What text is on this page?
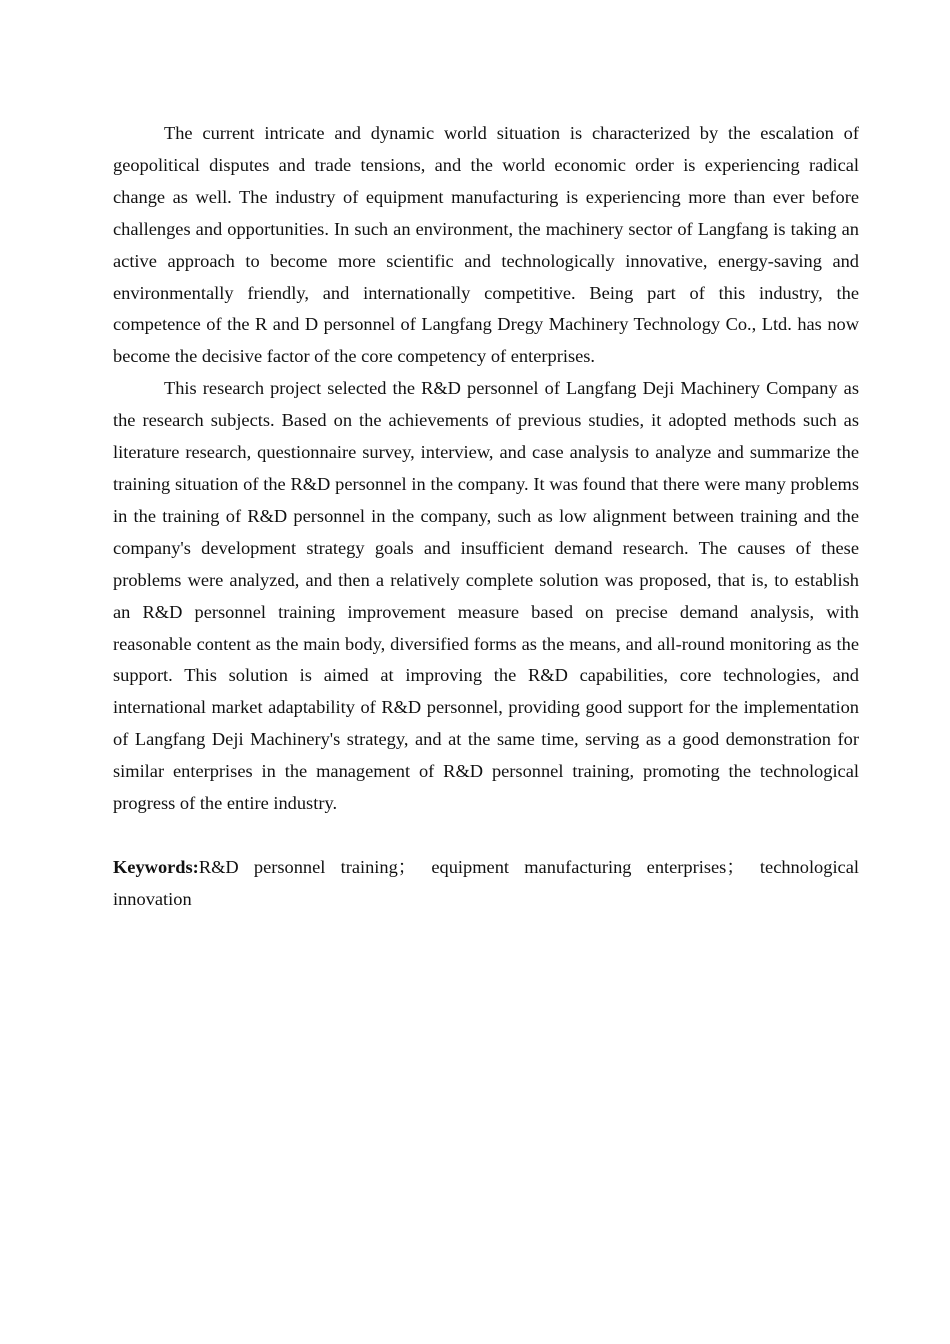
The current intricate and dynamic world situation is characterized by the escalation of geopolitical disputes and trade tensions, and the world economic order is experiencing radical change as well. The industry of equipment manufacturing is experiencing more than ever before challenges and opportunities. In such an environment, the machinery sector of Langfang is taking an active approach to become more scientific and technologically innovative, energy-saving and environmentally friendly, and internationally competitive. Being part of this industry, the competence of the R and D personnel of Langfang Dregy Machinery Technology Co., Ltd. has now become the decisive factor of the core competency of enterprises.

This research project selected the R&D personnel of Langfang Deji Machinery Company as the research subjects. Based on the achievements of previous studies, it adopted methods such as literature research, questionnaire survey, interview, and case analysis to analyze and summarize the training situation of the R&D personnel in the company. It was found that there were many problems in the training of R&D personnel in the company, such as low alignment between training and the company's development strategy goals and insufficient demand research. The causes of these problems were analyzed, and then a relatively complete solution was proposed, that is, to establish an R&D personnel training improvement measure based on precise demand analysis, with reasonable content as the main body, diversified forms as the means, and all-round monitoring as the support. This solution is aimed at improving the R&D capabilities, core technologies, and international market adaptability of R&D personnel, providing good support for the implementation of Langfang Deji Machinery's strategy, and at the same time, serving as a good demonstration for similar enterprises in the management of R&D personnel training, promoting the technological progress of the entire industry.

Keywords:R&D personnel training； equipment manufacturing enterprises； technological innovation
